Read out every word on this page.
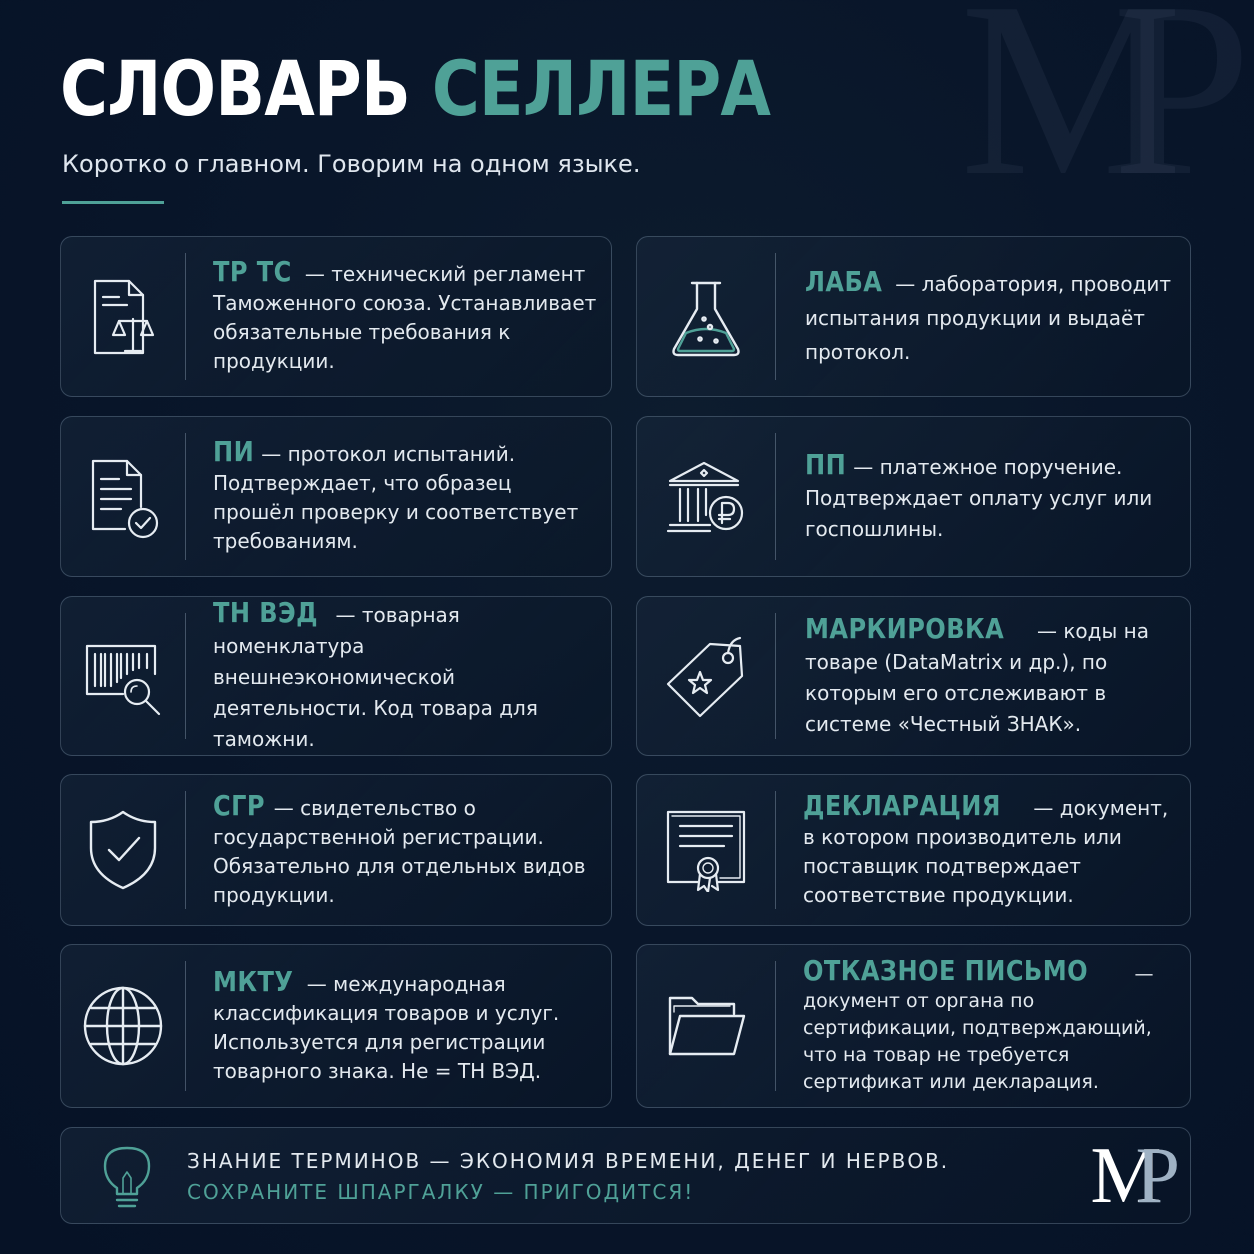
MP
СЛОВАРЬ СЕЛЛЕРА
Коротко о главном. Говорим на одном языке.

ТР ТС — технический регламент Таможенного союза. Устанавливает обязательные требования к продукции.

ЛАБА — лаборатория, проводит испытания продукции и выдаёт протокол.

ПИ — протокол испытаний. Подтверждает, что образец прошёл проверку и соответствует требованиям.

ПП — платежное поручение. Подтверждает оплату услуг или госпошлины.

ТН ВЭД — товарная номенклатура внешнеэкономической деятельности. Код товара для таможни.

МАРКИРОВКА — коды на товаре (DataMatrix и др.), по которым его отслеживают в системе «Честный ЗНАК».

СГР — свидетельство о государственной регистрации. Обязательно для отдельных видов продукции.

ДЕКЛАРАЦИЯ — документ, в котором производитель или поставщик подтверждает соответствие продукции.

МКТУ — международная классификация товаров и услуг. Используется для регистрации товарного знака. Не = ТН ВЭД.

ОТКАЗНОЕ ПИСЬМО — документ от органа по сертификации, подтверждающий, что на товар не требуется сертификат или декларация.

ЗНАНИЕ ТЕРМИНОВ — ЭКОНОМИЯ ВРЕМЕНИ, ДЕНЕГ И НЕРВОВ.
СОХРАНИТЕ ШПАРГАЛКУ — ПРИГОДИТСЯ!	MP
